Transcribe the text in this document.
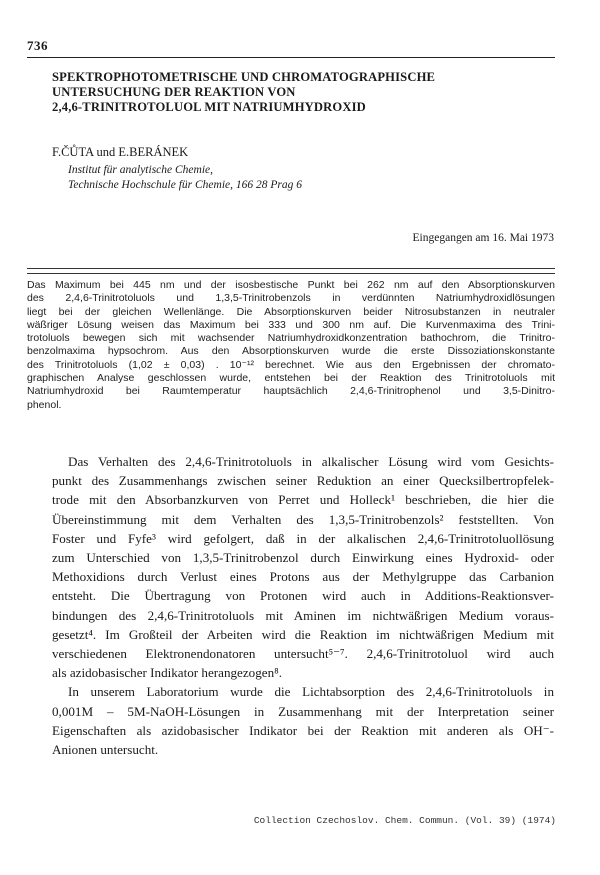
736
SPEKTROPHOTOMETRISCHE UND CHROMATOGRAPHISCHE
UNTERSUCHUNG DER REAKTION VON
2,4,6-TRINITROTOLUOL MIT NATRIUMHYDROXID
F.ČŮTA und E.BERÁNEK
Institut für analytische Chemie,
Technische Hochschule für Chemie, 166 28 Prag 6
Eingegangen am 16. Mai 1973
Das Maximum bei 445 nm und der isosbestische Punkt bei 262 nm auf den Absorptionskurven
des 2,4,6-Trinitrotoluols und 1,3,5-Trinitrobenzols in verdünnten Natriumhydroxidlösungen
liegt bei der gleichen Wellenlänge. Die Absorptionskurven beider Nitrosubstanzen in neutraler
wäßriger Lösung weisen das Maximum bei 333 und 300 nm auf. Die Kurvenmaxima des Trini-
trotoluols bewegen sich mit wachsender Natriumhydroxidkonzentration bathochrom, die Trinitro-
benzolmaxima hypsochrom. Aus den Absorptionskurven wurde die erste Dissoziationskonstante
des Trinitrotoluols (1,02 ± 0,03) . 10⁻¹² berechnet. Wie aus den Ergebnissen der chromato-
graphischen Analyse geschlossen wurde, entstehen bei der Reaktion des Trinitrotoluols mit
Natriumhydroxid bei Raumtemperatur hauptsächlich 2,4,6-Trinitrophenol und 3,5-Dinitro-
phenol.
Das Verhalten des 2,4,6-Trinitrotoluols in alkalischer Lösung wird vom Gesichts-
punkt des Zusammenhangs zwischen seiner Reduktion an einer Quecksilbertropfelek-
trode mit den Absorbanzkurven von Perret und Holleck¹ beschrieben, die hier die
Übereinstimmung mit dem Verhalten des 1,3,5-Trinitrobenzols² feststellten. Von
Foster und Fyfe³ wird gefolgert, daß in der alkalischen 2,4,6-Trinitrotoluollösung
zum Unterschied von 1,3,5-Trinitrobenzol durch Einwirkung eines Hydroxid- oder
Methoxidions durch Verlust eines Protons aus der Methylgruppe das Carbanion
entsteht. Die Übertragung von Protonen wird auch in Additions-Reaktionsver-
bindungen des 2,4,6-Trinitrotoluols mit Aminen im nichtwäßrigen Medium voraus-
gesetzt⁴. Im Großteil der Arbeiten wird die Reaktion im nichtwäßrigen Medium mit
verschiedenen Elektronendonatoren untersucht⁵⁻⁷. 2,4,6-Trinitrotoluol wird auch
als azidobasischer Indikator herangezogen⁸.
In unserem Laboratorium wurde die Lichtabsorption des 2,4,6-Trinitrotoluols in
0,001M – 5M-NaOH-Lösungen in Zusammenhang mit der Interpretation seiner
Eigenschaften als azidobasischer Indikator bei der Reaktion mit anderen als OH⁻-
Anionen untersucht.
Collection Czechoslov. Chem. Commun. (Vol. 39) (1974)
